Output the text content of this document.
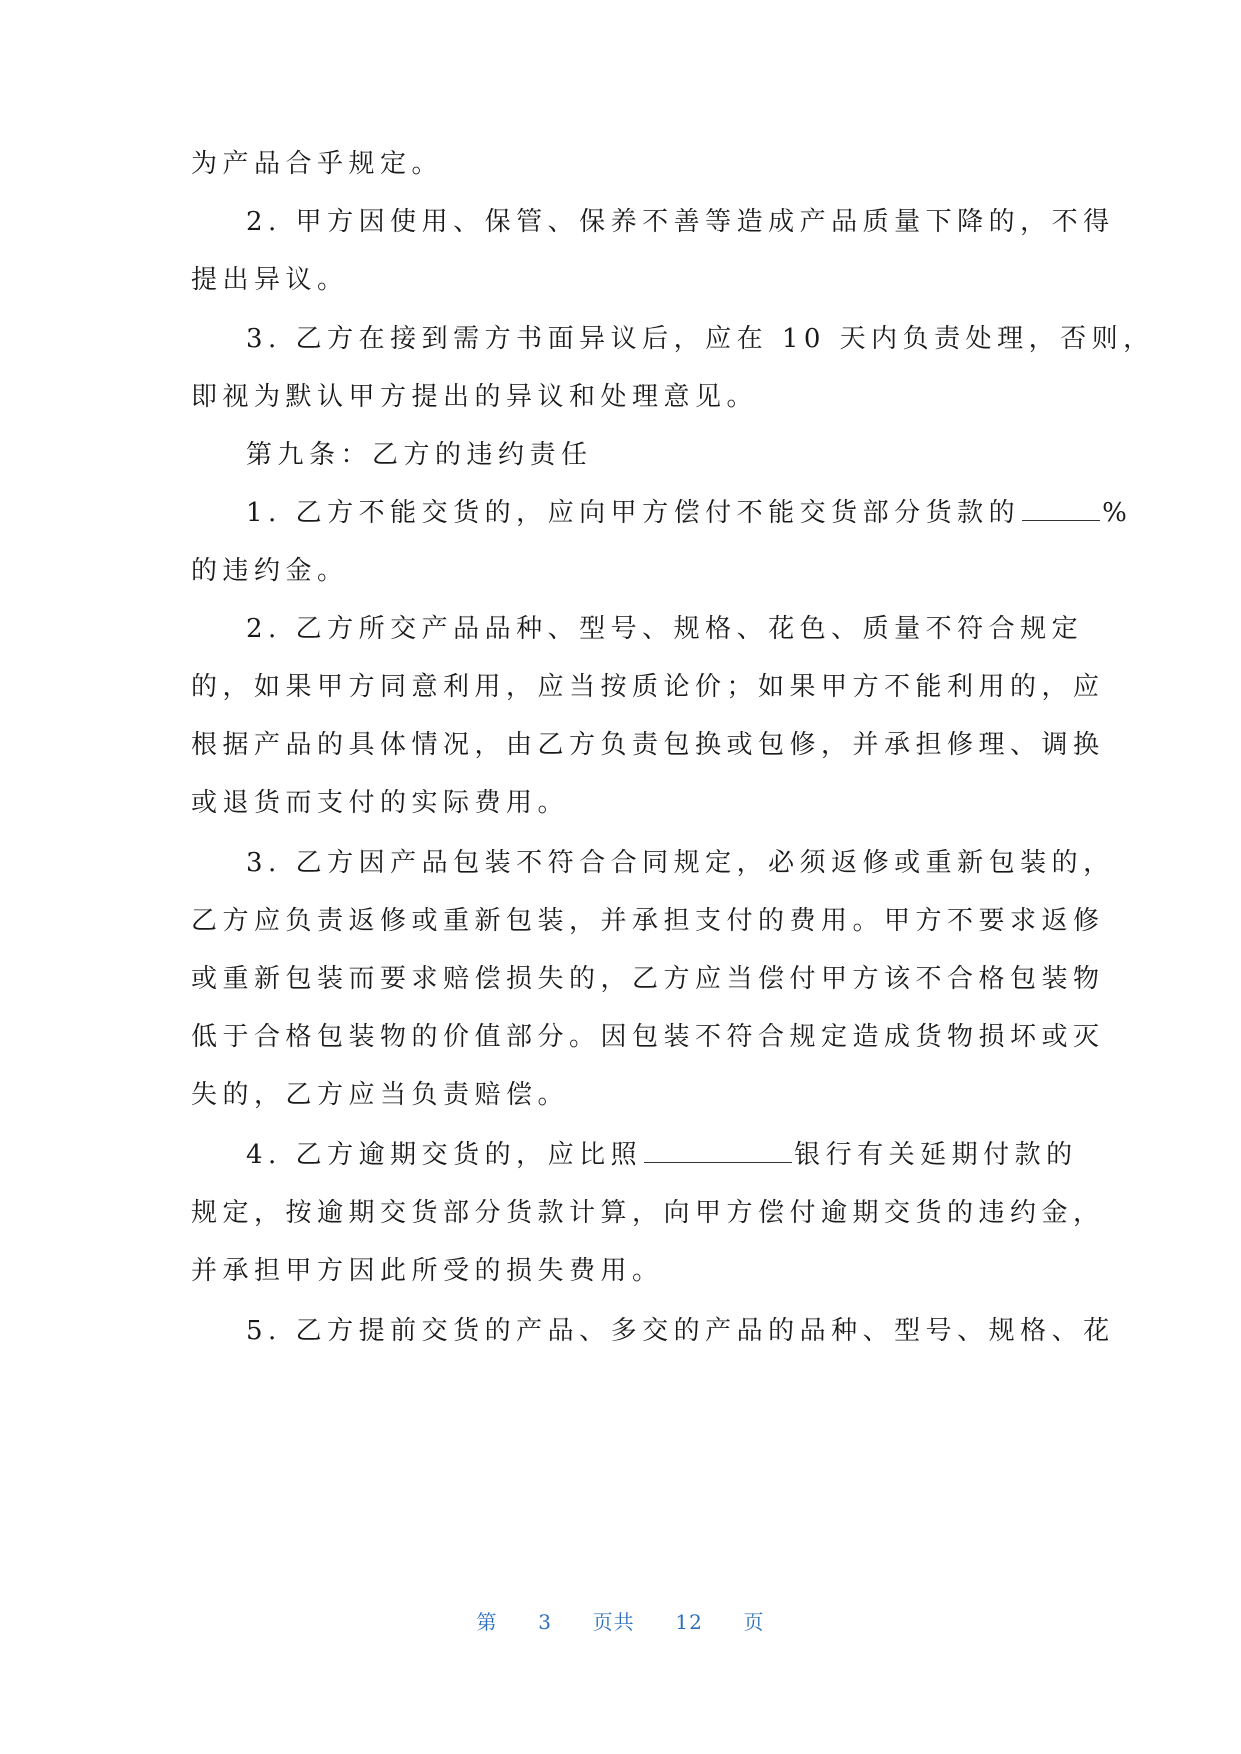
为产品合乎规定。
2. 甲方因使用、保管、保养不善等造成产品质量下降的，不得
提出异议。
3. 乙方在接到需方书面异议后，应在 10 天内负责处理，否则，
即视为默认甲方提出的异议和处理意见。
第九条：乙方的违约责任
1. 乙方不能交货的，应向甲方偿付不能交货部分货款的	%
的违约金。
2. 乙方所交产品品种、型号、规格、花色、质量不符合规定
的，如果甲方同意利用，应当按质论价；如果甲方不能利用的，应
根据产品的具体情况，由乙方负责包换或包修，并承担修理、调换
或退货而支付的实际费用。
3. 乙方因产品包装不符合合同规定，必须返修或重新包装的，
乙方应负责返修或重新包装，并承担支付的费用。甲方不要求返修
或重新包装而要求赔偿损失的，乙方应当偿付甲方该不合格包装物
低于合格包装物的价值部分。因包装不符合规定造成货物损坏或灭
失的，乙方应当负责赔偿。
4. 乙方逾期交货的，应比照	银行有关延期付款的
规定，按逾期交货部分货款计算，向甲方偿付逾期交货的违约金，
并承担甲方因此所受的损失费用。
5. 乙方提前交货的产品、多交的产品的品种、型号、规格、花
第 3 页共 12 页
